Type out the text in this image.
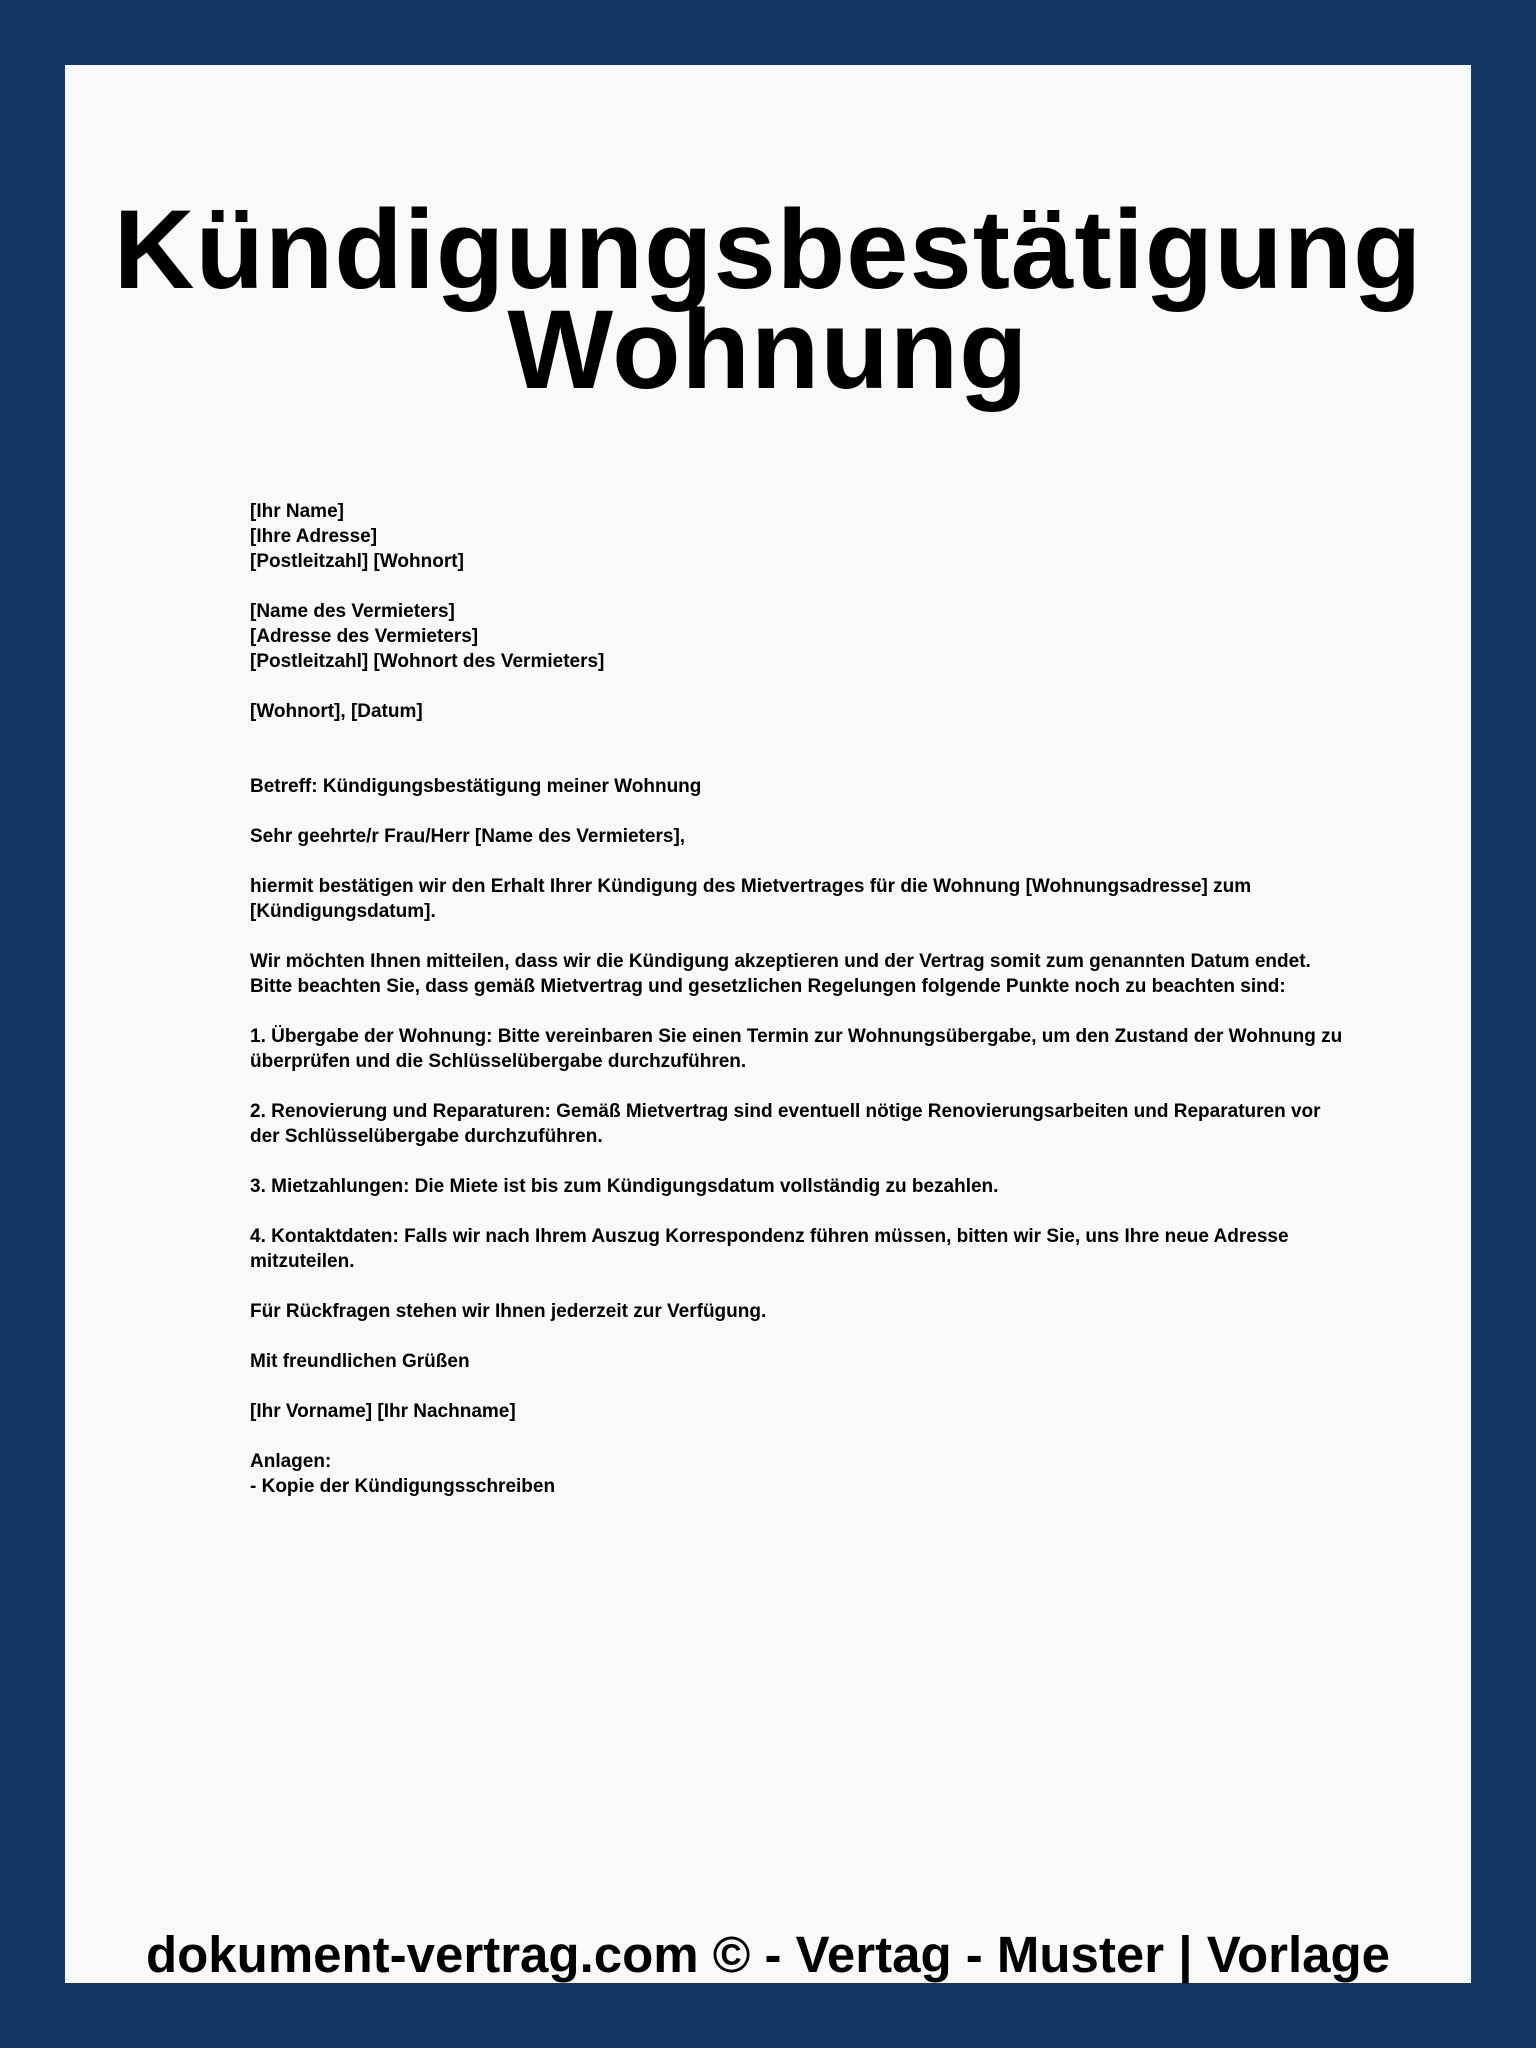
Kündigungsbestätigung
Wohnung
[Ihr Name]
[Ihre Adresse]
[Postleitzahl] [Wohnort]
[Name des Vermieters]
[Adresse des Vermieters]
[Postleitzahl] [Wohnort des Vermieters]
[Wohnort], [Datum]

Betreff: Kündigungsbestätigung meiner Wohnung

Sehr geehrte/r Frau/Herr [Name des Vermieters],

hiermit bestätigen wir den Erhalt Ihrer Kündigung des Mietvertrages für die Wohnung [Wohnungsadresse] zum [Kündigungsdatum].

Wir möchten Ihnen mitteilen, dass wir die Kündigung akzeptieren und der Vertrag somit zum genannten Datum endet. Bitte beachten Sie, dass gemäß Mietvertrag und gesetzlichen Regelungen folgende Punkte noch zu beachten sind:

1. Übergabe der Wohnung: Bitte vereinbaren Sie einen Termin zur Wohnungsübergabe, um den Zustand der Wohnung zu überprüfen und die Schlüsselübergabe durchzuführen.

2. Renovierung und Reparaturen: Gemäß Mietvertrag sind eventuell nötige Renovierungsarbeiten und Reparaturen vor der Schlüsselübergabe durchzuführen.

3. Mietzahlungen: Die Miete ist bis zum Kündigungsdatum vollständig zu bezahlen.

4. Kontaktdaten: Falls wir nach Ihrem Auszug Korrespondenz führen müssen, bitten wir Sie, uns Ihre neue Adresse mitzuteilen.

Für Rückfragen stehen wir Ihnen jederzeit zur Verfügung.

Mit freundlichen Grüßen

[Ihr Vorname] [Ihr Nachname]

Anlagen:
- Kopie der Kündigungsschreiben
dokument-vertrag.com © - Vertag - Muster | Vorlage
